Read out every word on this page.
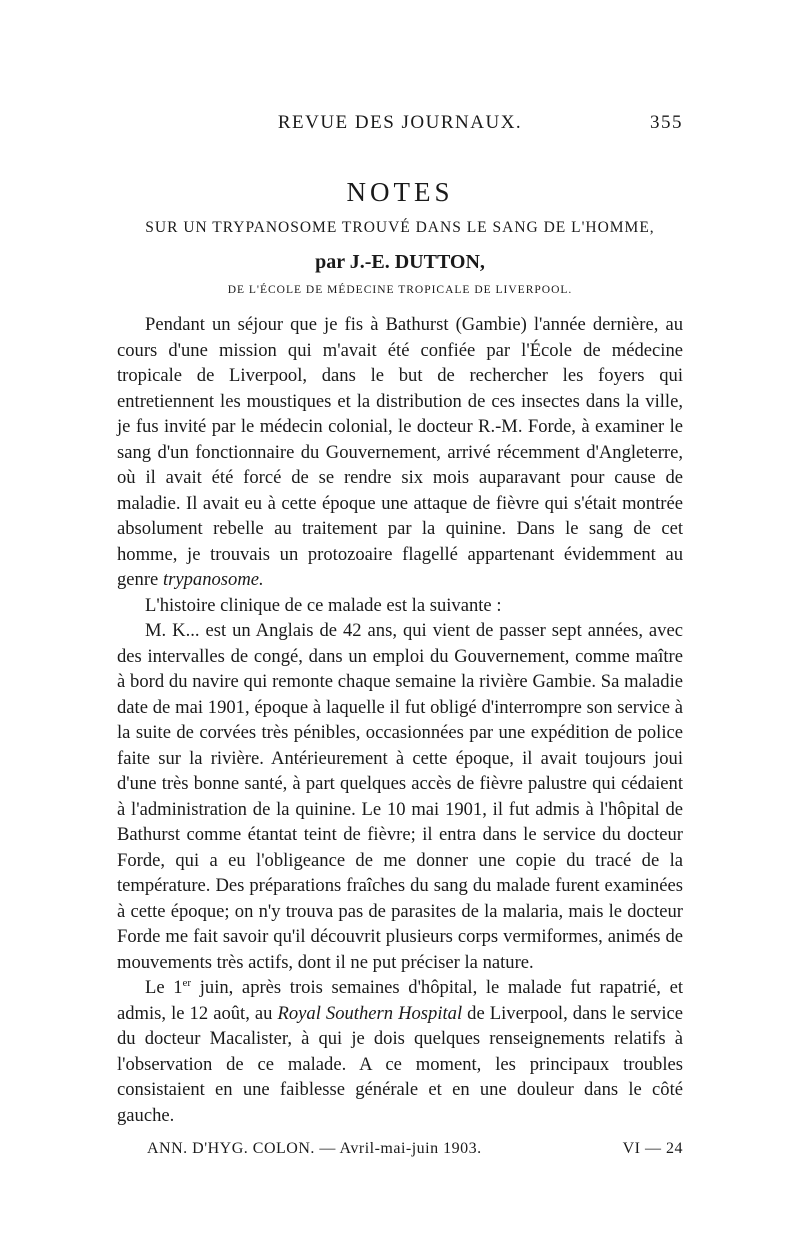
REVUE DES JOURNAUX.	355

NOTES

SUR UN TRYPANOSOME TROUVÉ DANS LE SANG DE L'HOMME,

par J.-E. DUTTON,

DE L'ÉCOLE DE MÉDECINE TROPICALE DE LIVERPOOL.

Pendant un séjour que je fis à Bathurst (Gambie) l'année dernière, au cours d'une mission qui m'avait été confiée par l'École de médecine tropicale de Liverpool, dans le but de rechercher les foyers qui entretiennent les moustiques et la distribution de ces insectes dans la ville, je fus invité par le médecin colonial, le docteur R.-M. Forde, à examiner le sang d'un fonctionnaire du Gouvernement, arrivé récemment d'Angleterre, où il avait été forcé de se rendre six mois auparavant pour cause de maladie. Il avait eu à cette époque une attaque de fièvre qui s'était montrée absolument rebelle au traitement par la quinine. Dans le sang de cet homme, je trouvais un protozoaire flagellé appartenant évidemment au genre trypanosome.

L'histoire clinique de ce malade est la suivante :

M. K... est un Anglais de 42 ans, qui vient de passer sept années, avec des intervalles de congé, dans un emploi du Gouvernement, comme maître à bord du navire qui remonte chaque semaine la rivière Gambie. Sa maladie date de mai 1901, époque à laquelle il fut obligé d'interrompre son service à la suite de corvées très pénibles, occasionnées par une expédition de police faite sur la rivière. Antérieurement à cette époque, il avait toujours joui d'une très bonne santé, à part quelques accès de fièvre palustre qui cédaient à l'administration de la quinine. Le 10 mai 1901, il fut admis à l'hôpital de Bathurst comme étantat teint de fièvre; il entra dans le service du docteur Forde, qui a eu l'obligeance de me donner une copie du tracé de la température. Des préparations fraîches du sang du malade furent examinées à cette époque; on n'y trouva pas de parasites de la malaria, mais le docteur Forde me fait savoir qu'il découvrit plusieurs corps vermiformes, animés de mouvements très actifs, dont il ne put préciser la nature.

Le 1er juin, après trois semaines d'hôpital, le malade fut rapatrié, et admis, le 12 août, au Royal Southern Hospital de Liverpool, dans le service du docteur Macalister, à qui je dois quelques renseignements relatifs à l'observation de ce malade. A ce moment, les principaux troubles consistaient en une faiblesse générale et en une douleur dans le côté gauche.

ANN. D'HYG. COLON. — Avril-mai-juin 1903.	VI — 24
